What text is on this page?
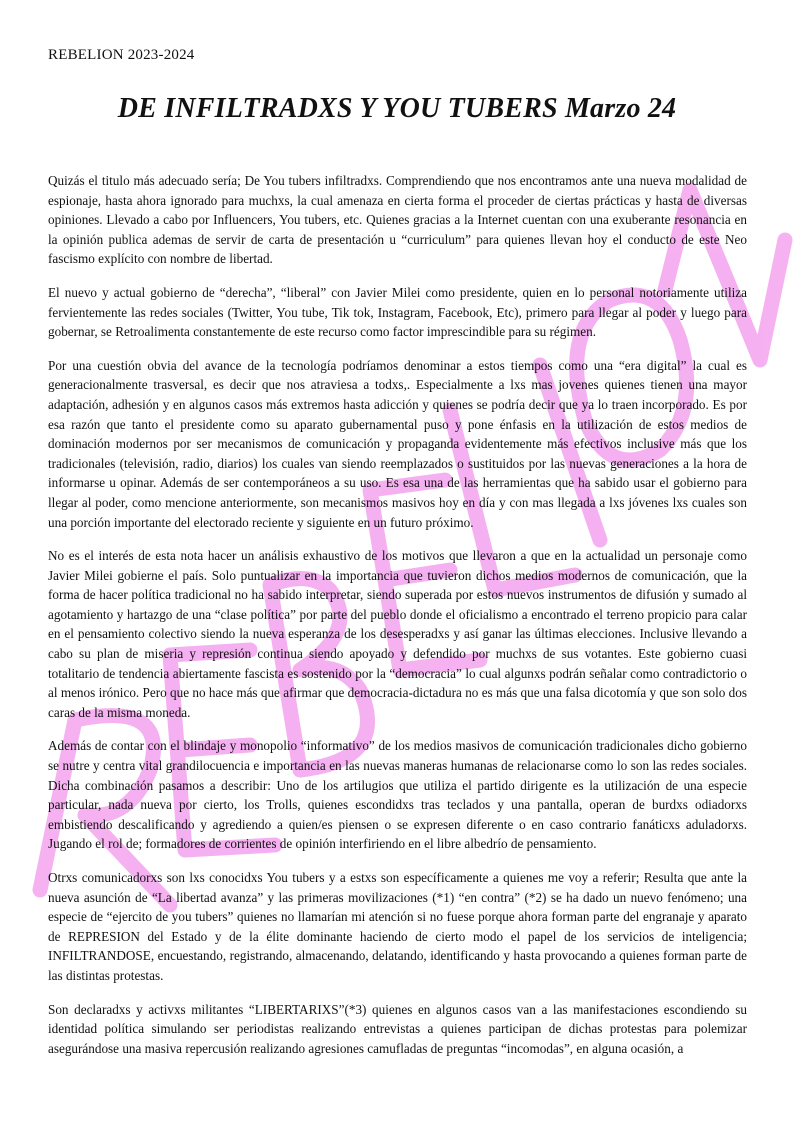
REBELION 2023-2024
DE INFILTRADXS Y YOU TUBERS Marzo 24

Quizás el titulo más adecuado sería; De You tubers infiltradxs. Comprendiendo que nos encontramos ante una nueva modalidad de espionaje, hasta ahora ignorado para muchxs, la cual amenaza en cierta forma el proceder de ciertas prácticas y hasta de diversas opiniones. Llevado a cabo por Influencers, You tubers, etc. Quienes gracias a la Internet cuentan con una exuberante resonancia en la opinión publica ademas de servir de carta de presentación u “curriculum” para quienes llevan hoy el conducto de este Neo fascismo explícito con nombre de libertad.

El nuevo y actual gobierno de “derecha”, “liberal” con Javier Milei como presidente, quien en lo personal notoriamente utiliza fervientemente las redes sociales (Twitter, You tube, Tik tok, Instagram, Facebook, Etc), primero para llegar al poder y luego para gobernar, se Retroalimenta constantemente de este recurso como factor imprescindible para su régimen.

Por una cuestión obvia del avance de la tecnología podríamos denominar a estos tiempos como una “era digital” la cual es generacionalmente trasversal, es decir que nos atraviesa a todxs,. Especialmente a lxs mas jovenes quienes tienen una mayor adaptación, adhesión y en algunos casos más extremos hasta adicción y quienes se podría decir que ya lo traen incorporado. Es por esa razón que tanto el presidente como su aparato gubernamental puso y pone énfasis en la utilización de estos medios de dominación modernos por ser mecanismos de comunicación y propaganda evidentemente más efectivos inclusive más que los tradicionales (televisión, radio, diarios) los cuales van siendo reemplazados o sustituidos por las nuevas generaciones a la hora de informarse u opinar. Además de ser contemporáneos a su uso. Es esa una de las herramientas que ha sabido usar el gobierno para llegar al poder, como mencione anteriormente, son mecanismos masivos hoy en día y con mas llegada a lxs jóvenes lxs cuales son una porción importante del electorado reciente y siguiente en un futuro próximo.

No es el interés de esta nota hacer un análisis exhaustivo de los motivos que llevaron a que en la actualidad un personaje como Javier Milei gobierne el país. Solo puntualizar en la importancia que tuvieron dichos medios modernos de comunicación, que la forma de hacer política tradicional no ha sabido interpretar, siendo superada por estos nuevos instrumentos de difusión y sumado al agotamiento y hartazgo de una “clase política” por parte del pueblo donde el oficialismo a encontrado el terreno propicio para calar en el pensamiento colectivo siendo la nueva esperanza de los desesperadxs y así ganar las últimas elecciones. Inclusive llevando a cabo su plan de miseria y represión continua siendo apoyado y defendido por muchxs de sus votantes. Este gobierno cuasi totalitario de tendencia abiertamente fascista es sostenido por la “democracia” lo cual algunxs podrán señalar como contradictorio o al menos irónico. Pero que no hace más que afirmar que democracia-dictadura no es más que una falsa dicotomía y que son solo dos caras de la misma moneda.

Además de contar con el blindaje y monopolio “informativo” de los medios masivos de comunicación tradicionales dicho gobierno se nutre y centra vital grandilocuencia e importancia en las nuevas maneras humanas de relacionarse como lo son las redes sociales. Dicha combinación pasamos a describir: Uno de los artilugios que utiliza el partido dirigente es la utilización de una especie particular, nada nueva por cierto, los Trolls, quienes escondidxs tras teclados y una pantalla, operan de burdxs odiadorxs embistiendo descalificando y agrediendo a quien/es piensen o se expresen diferente o en caso contrario fanáticxs aduladorxs. Jugando el rol de; formadores de corrientes de opinión interfiriendo en el libre albedrío de pensamiento.

Otrxs comunicadorxs son lxs conocidxs You tubers y a estxs son específicamente a quienes me voy a referir; Resulta que ante la nueva asunción de “La libertad avanza” y las primeras movilizaciones (*1) “en contra” (*2) se ha dado un nuevo fenómeno; una especie de “ejercito de you tubers” quienes no llamarían mi atención si no fuese porque ahora forman parte del engranaje y aparato de REPRESION del Estado y de la élite dominante haciendo de cierto modo el papel de los servicios de inteligencia; INFILTRANDOSE, encuestando, registrando, almacenando, delatando, identificando y hasta provocando a quienes forman parte de las distintas protestas.

Son declaradxs y activxs militantes “LIBERTARIXS”(*3) quienes en algunos casos van a las manifestaciones escondiendo su identidad política simulando ser periodistas realizando entrevistas a quienes participan de dichas protestas para polemizar asegurándose una masiva repercusión realizando agresiones camufladas de preguntas “incomodas”, en alguna ocasión, a
